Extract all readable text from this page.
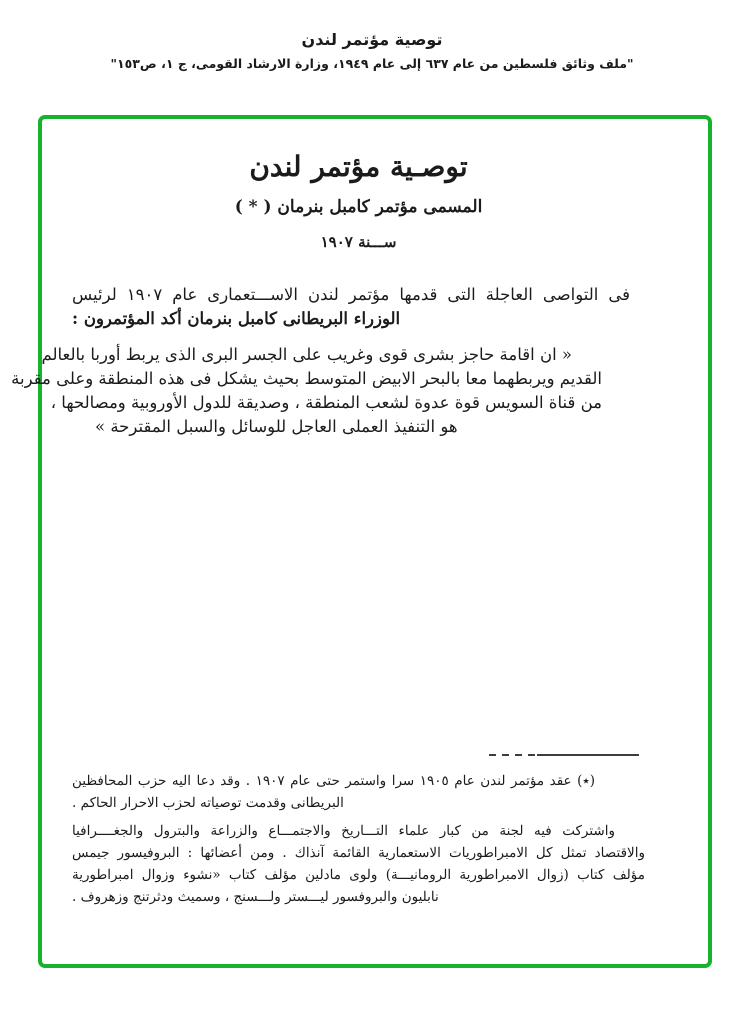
توصية مؤتمر لندن
"ملف وثائق فلسطين من عام ٦٣٧ إلى عام ١٩٤٩، وزارة الارشاد القومى، ج ١، ص١٥٣"
توصـية مؤتمر لندن
المسمى مؤتمر كامبل بنرمان ( * )
ســـنة ١٩٠٧
فى التواصى العاجلة التى قدمها مؤتمر لندن الاســـتعمارى عام ١٩٠٧ لرئيس
الوزراء البريطانى كامبل بنرمان أكد المؤتمرون :
« ان اقامة حاجز بشرى قوى وغريب على الجسر البرى الذى يربط أوربا بالعالم
القديم ويربطهما معا بالبحر الابيض المتوسط بحيث يشكل فى هذه المنطقة وعلى مقربة
من قناة السويس قوة عدوة لشعب المنطقة ، وصديقة للدول الأوروبية ومصالحها ،
هو التنفيذ العملى العاجل للوسائل والسبل المقترحة »
(٭) عقد مؤتمر لندن عام ١٩٠٥ سرا واستمر حتى عام ١٩٠٧ . وقد دعا اليه حزب المحافظين
البريطانى وقدمت توصياته لحزب الاحرار الحاكم .
واشتركت فيه لجنة من كبار علماء التـــاريخ والاجتمـــاع والزراعة والبترول والجغــــرافيا
والاقتصاد تمثل كل الامبراطوريات الاستعمارية القائمة آنذاك . ومن أعضائها : البروفيسور جيمس
مؤلف كتاب (زوال الامبراطورية الرومانيـــة) ولوى مادلين مؤلف كتاب «نشوء وزوال امبراطورية
نابليون والبروفسور ليـــستر ولـــسنج ، وسميث ودثرتنج وزهروف .
